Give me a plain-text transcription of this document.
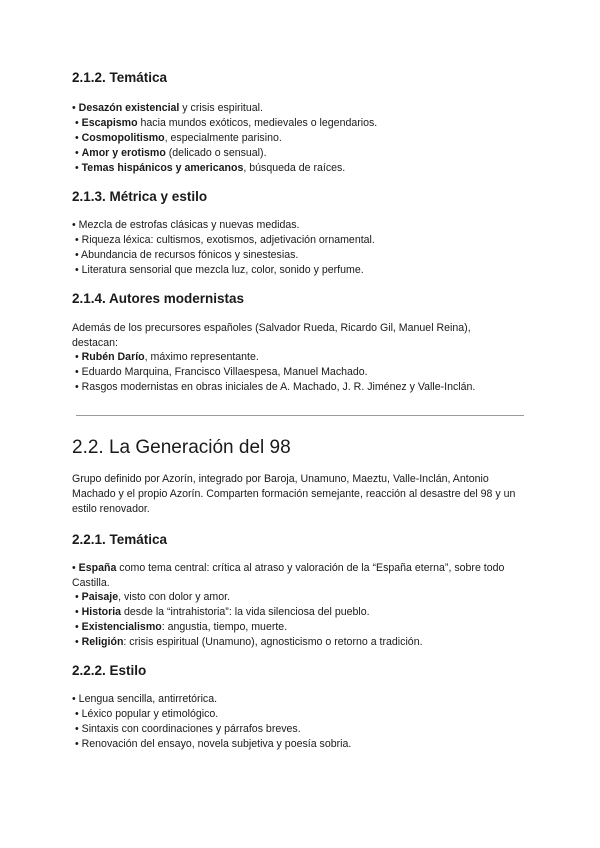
2.1.2. Temática
• Desazón existencial y crisis espiritual.
• Escapismo hacia mundos exóticos, medievales o legendarios.
• Cosmopolitismo, especialmente parisino.
• Amor y erotismo (delicado o sensual).
• Temas hispánicos y americanos, búsqueda de raíces.
2.1.3. Métrica y estilo
• Mezcla de estrofas clásicas y nuevas medidas.
• Riqueza léxica: cultismos, exotismos, adjetivación ornamental.
• Abundancia de recursos fónicos y sinestesias.
• Literatura sensorial que mezcla luz, color, sonido y perfume.
2.1.4. Autores modernistas
Además de los precursores españoles (Salvador Rueda, Ricardo Gil, Manuel Reina),
destacan:
• Rubén Darío, máximo representante.
• Eduardo Marquina, Francisco Villaespesa, Manuel Machado.
• Rasgos modernistas en obras iniciales de A. Machado, J. R. Jiménez y Valle-Inclán.
2.2. La Generación del 98
Grupo definido por Azorín, integrado por Baroja, Unamuno, Maeztu, Valle-Inclán, Antonio Machado y el propio Azorín. Comparten formación semejante, reacción al desastre del 98 y un estilo renovador.
2.2.1. Temática
• España como tema central: crítica al atraso y valoración de la “España eterna”, sobre todo
Castilla.
• Paisaje, visto con dolor y amor.
• Historia desde la “intrahistoria”: la vida silenciosa del pueblo.
• Existencialismo: angustia, tiempo, muerte.
• Religión: crisis espiritual (Unamuno), agnosticismo o retorno a tradición.
2.2.2. Estilo
• Lengua sencilla, antirretórica.
• Léxico popular y etimológico.
• Sintaxis con coordinaciones y párrafos breves.
• Renovación del ensayo, novela subjetiva y poesía sobria.
